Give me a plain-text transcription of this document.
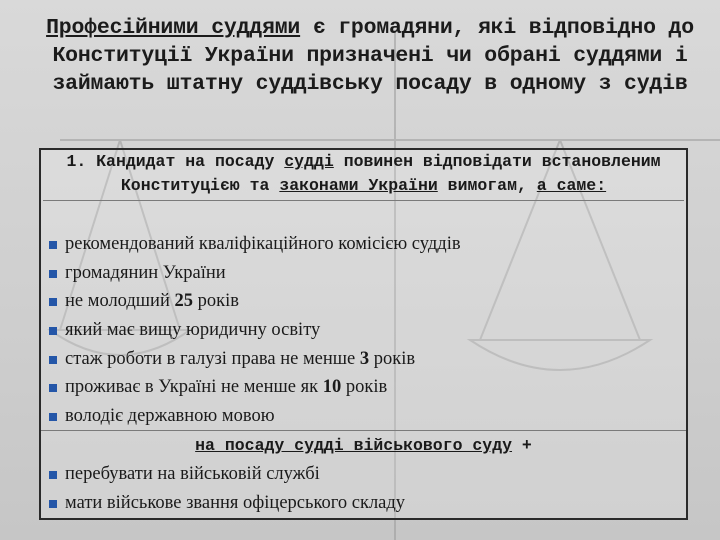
Професійними суддями є громадяни, які відповідно до Конституції України призначені чи обрані суддями і займають штатну суддівську посаду в одному з судів
1. Кандидат на посаду судді повинен відповідати встановленим Конституцією та законами України вимогам, а саме:
рекомендований кваліфікаційного комісією суддів
громадянин України
не молодший 25 років
який має вищу юридичну освіту
стаж роботи в галузі права не менше 3 років
проживає в Україні не менше як 10 років
володіє державною мовою
на посаду судді військового суду +
перебувати на військовій службі
мати військове звання офіцерського складу
